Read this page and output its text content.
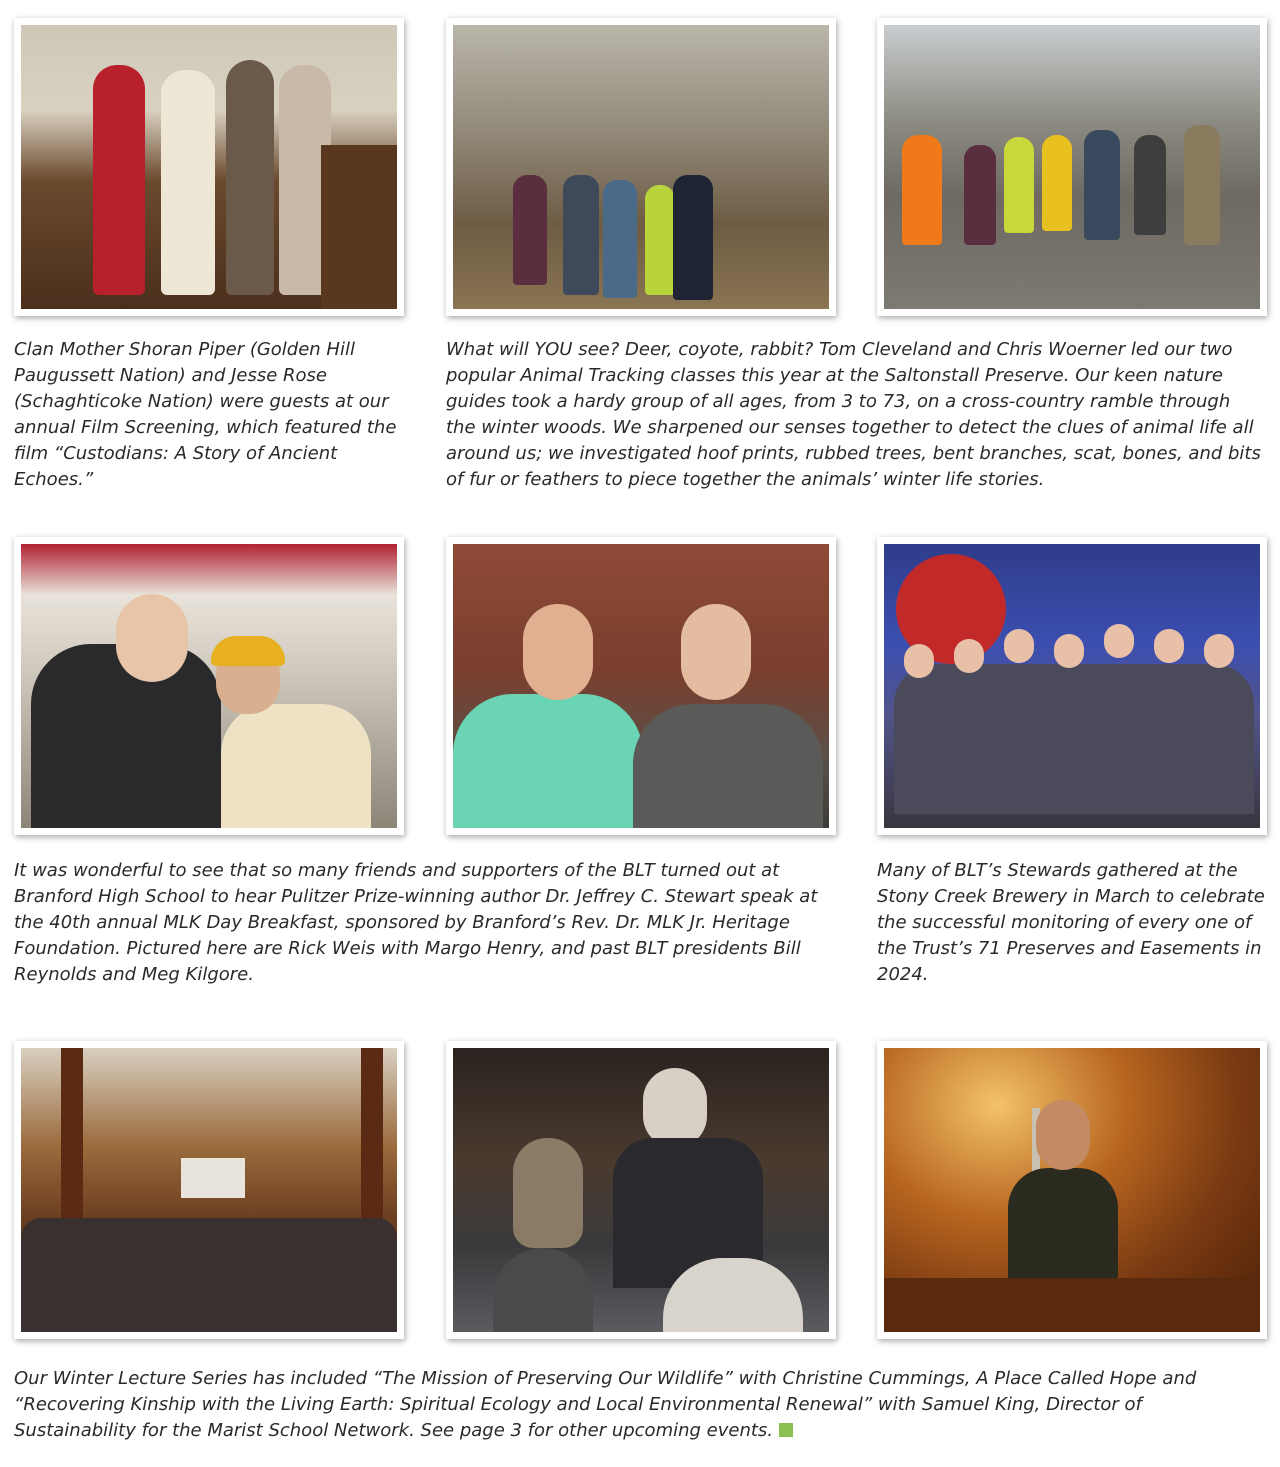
Clan Mother Shoran Piper (Golden Hill Paugussett Nation) and Jesse Rose (Schaghticoke Nation) were guests at our annual Film Screening, which featured the film “Custodians: A Story of Ancient Echoes.”

What will YOU see? Deer, coyote, rabbit? Tom Cleveland and Chris Woerner led our two popular Animal Tracking classes this year at the Saltonstall Preserve. Our keen nature guides took a hardy group of all ages, from 3 to 73, on a cross-country ramble through the winter woods. We sharpened our senses together to detect the clues of animal life all around us; we investigated hoof prints, rubbed trees, bent branches, scat, bones, and bits of fur or feathers to piece together the animals’ winter life stories.

It was wonderful to see that so many friends and supporters of the BLT turned out at Branford High School to hear Pulitzer Prize-winning author Dr. Jeffrey C. Stewart speak at the 40th annual MLK Day Breakfast, sponsored by Branford’s Rev. Dr. MLK Jr. Heritage Foundation. Pictured here are Rick Weis with Margo Henry, and past BLT presidents Bill Reynolds and Meg Kilgore.

Many of BLT’s Stewards gathered at the Stony Creek Brewery in March to celebrate the successful monitoring of every one of the Trust’s 71 Preserves and Easements in 2024.

Our Winter Lecture Series has included “The Mission of Preserving Our Wildlife” with Christine Cummings, A Place Called Hope and “Recovering Kinship with the Living Earth: Spiritual Ecology and Local Environmental Renewal” with Samuel King, Director of Sustainability for the Marist School Network. See page 3 for other upcoming events.
